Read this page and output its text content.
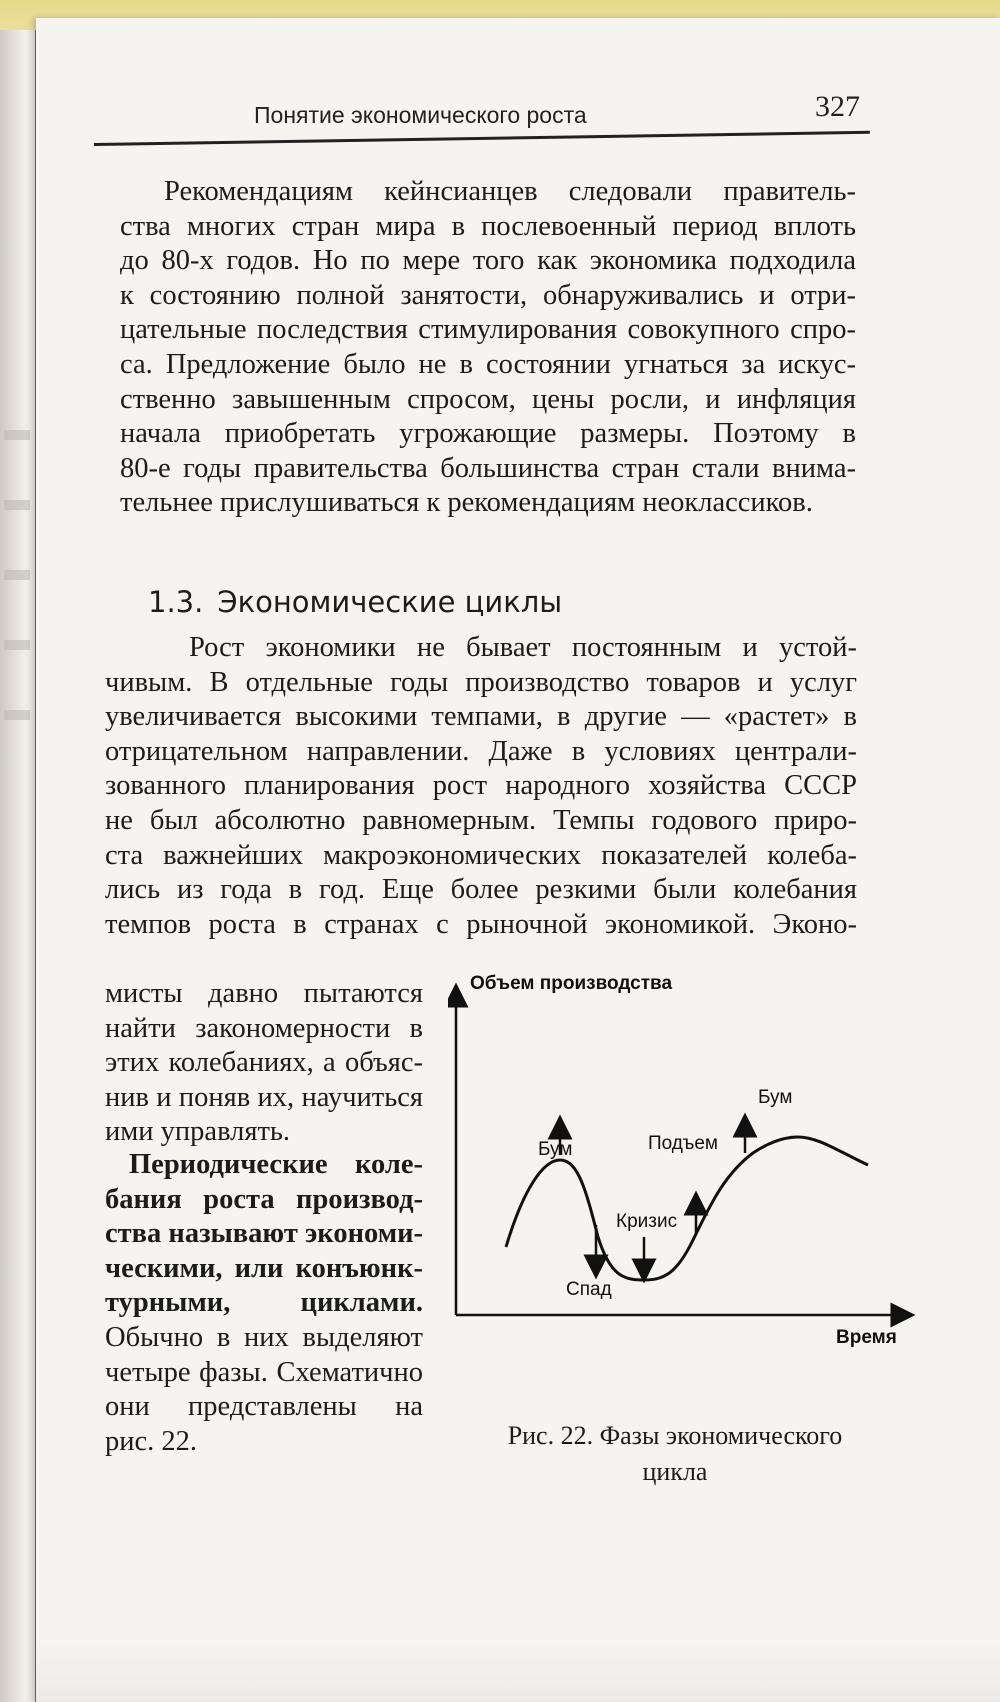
Понятие экономического роста	327
Рекомендациям кейнсианцев следовали правитель-
ства многих стран мира в послевоенный период вплоть
до 80-х годов. Но по мере того как экономика подходила
к состоянию полной занятости, обнаруживались и отри-
цательные последствия стимулирования совокупного спро-
са. Предложение было не в состоянии угнаться за искус-
ственно завышенным спросом, цены росли, и инфляция
начала приобретать угрожающие размеры. Поэтому в
80-е годы правительства большинства стран стали внима-
тельнее прислушиваться к рекомендациям неоклассиков.
1.3. Экономические циклы
Рост экономики не бывает постоянным и устой-
чивым. В отдельные годы производство товаров и услуг
увеличивается высокими темпами, в другие — «растет» в
отрицательном направлении. Даже в условиях централи-
зованного планирования рост народного хозяйства СССР
не был абсолютно равномерным. Темпы годового приро-
ста важнейших макроэкономических показателей колеба-
лись из года в год. Еще более резкими были колебания
темпов роста в странах с рыночной экономикой. Эконо-
мисты давно пытаются
найти закономерности в
этих колебаниях, а объяс-
нив и поняв их, научиться
ими управлять.
Периодические коле-
бания роста производ-
ства называют экономи-
ческими, или конъюнк-
турными, циклами.
Обычно в них выделяют
четыре фазы. Схематично
они представлены на
рис. 22.
Объем производства
Время
Бум
Спад
Кризис
Подъем
Бум
Рис. 22. Фазы экономического
цикла
